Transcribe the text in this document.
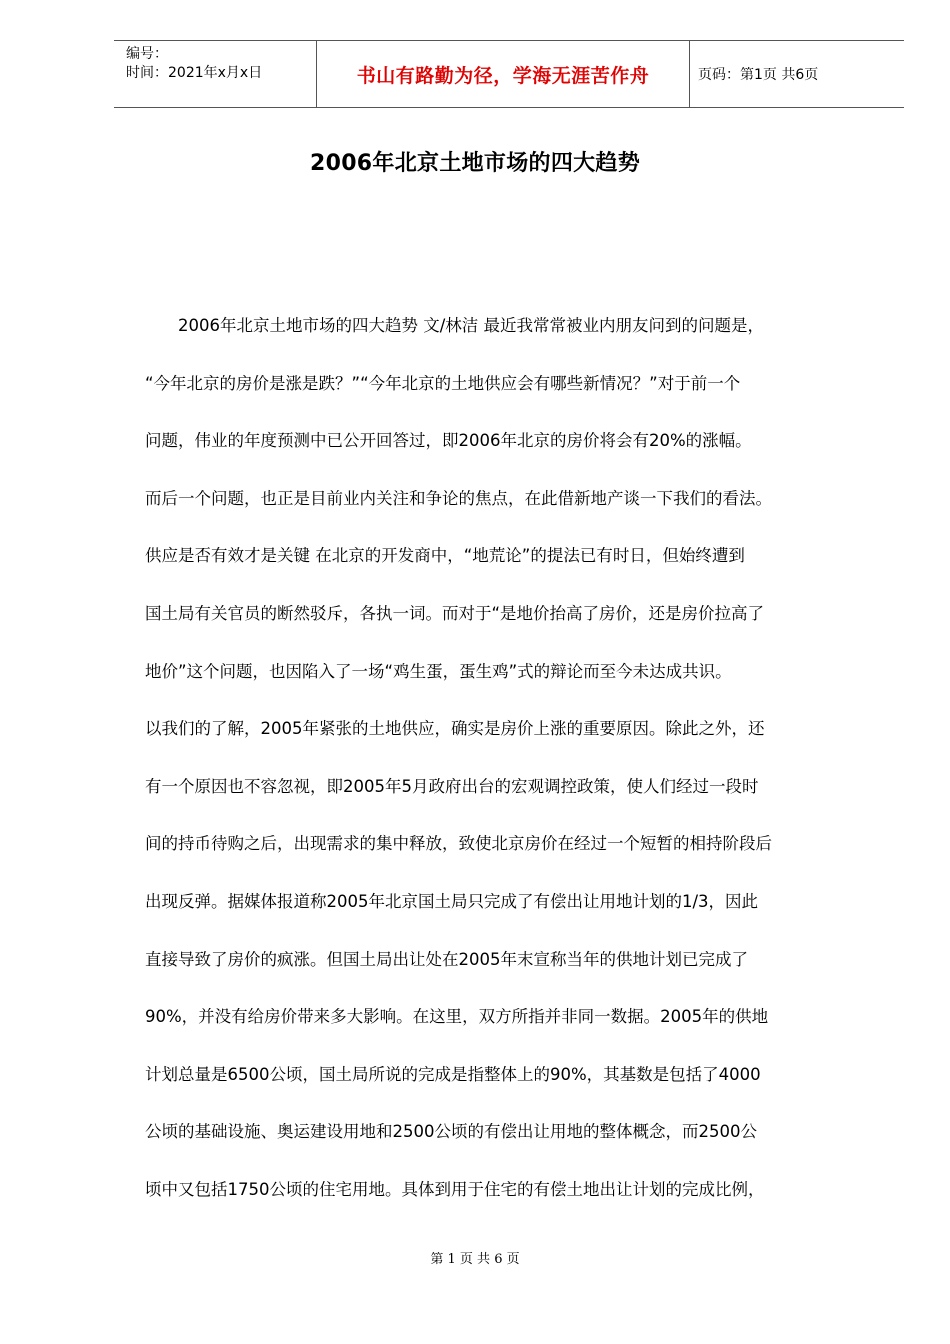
编号：
时间：2021年x月x日	书山有路勤为径，学海无涯苦作舟	页码：第1页 共6页
2006年北京土地市场的四大趋势
　　2006年北京土地市场的四大趋势 文/林洁 最近我常常被业内朋友问到的问题是，
“今年北京的房价是涨是跌？”“今年北京的土地供应会有哪些新情况？”对于前一个
问题，伟业的年度预测中已公开回答过，即2006年北京的房价将会有20%的涨幅。
而后一个问题，也正是目前业内关注和争论的焦点，在此借新地产谈一下我们的看法。
供应是否有效才是关键 在北京的开发商中，“地荒论”的提法已有时日，但始终遭到
国土局有关官员的断然驳斥，各执一词。而对于“是地价抬高了房价，还是房价拉高了
地价”这个问题，也因陷入了一场“鸡生蛋，蛋生鸡”式的辩论而至今未达成共识。
以我们的了解，2005年紧张的土地供应，确实是房价上涨的重要原因。除此之外，还
有一个原因也不容忽视，即2005年5月政府出台的宏观调控政策，使人们经过一段时
间的持币待购之后，出现需求的集中释放，致使北京房价在经过一个短暂的相持阶段后
出现反弹。据媒体报道称2005年北京国土局只完成了有偿出让用地计划的1/3，因此
直接导致了房价的疯涨。但国土局出让处在2005年末宣称当年的供地计划已完成了
90%，并没有给房价带来多大影响。在这里，双方所指并非同一数据。2005年的供地
计划总量是6500公顷，国土局所说的完成是指整体上的90%，其基数是包括了4000
公顷的基础设施、奥运建设用地和2500公顷的有偿出让用地的整体概念，而2500公
顷中又包括1750公顷的住宅用地。具体到用于住宅的有偿土地出让计划的完成比例，
第 1 页 共 6 页
